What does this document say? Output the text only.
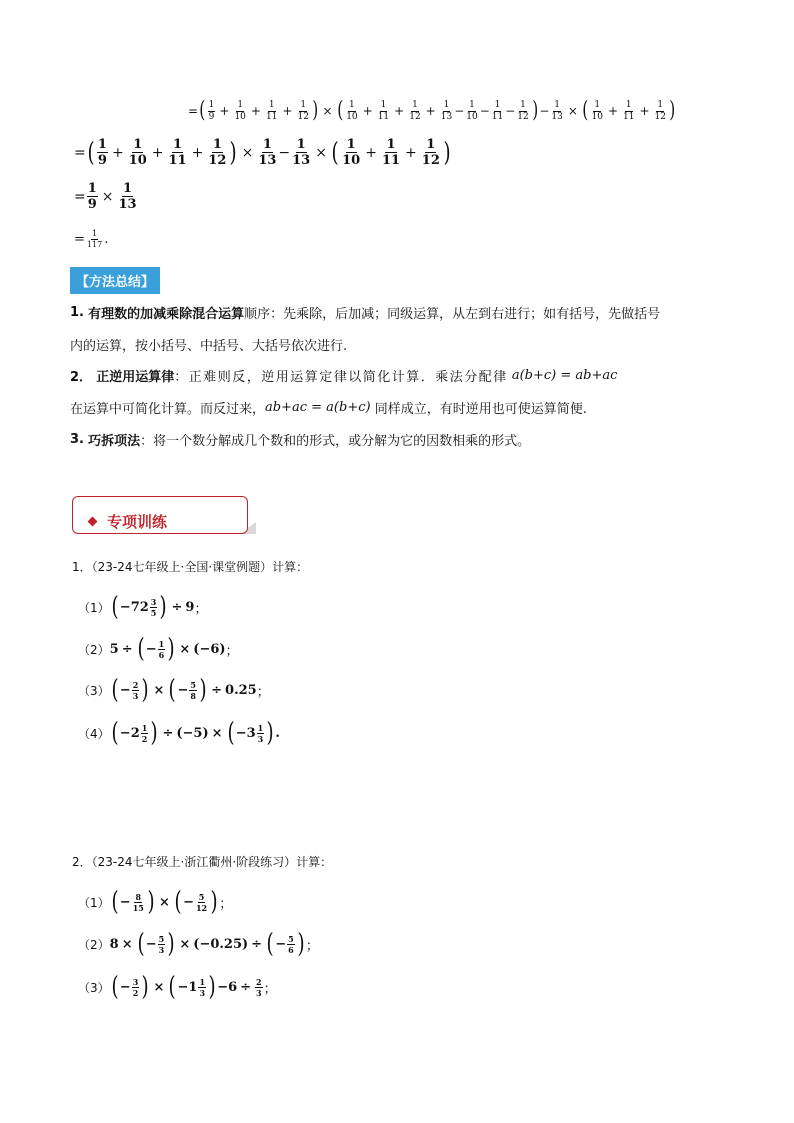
= ( $\frac{1}{9} + \frac{1}{10} + \frac{1}{11} + \frac{1}{12}$ ) × ( $\frac{1}{10} + \frac{1}{11} + \frac{1}{12} + \frac{1}{13} - \frac{1}{10} - \frac{1}{11} - \frac{1}{12}$ ) − $\frac{1}{13}$ × ( $\frac{1}{10} + \frac{1}{11} + \frac{1}{12}$ )
= ( $\frac{1}{9} + \frac{1}{10} + \frac{1}{11} + \frac{1}{12}$ ) × $\frac{1}{13} - \frac{1}{13}$ × ( $\frac{1}{10} + \frac{1}{11} + \frac{1}{12}$ )
= $\frac{1}{9} \times \frac{1}{13}$
= $\frac{1}{117}$ .
【方法总结】
1.
有理数的加减乘除混合运算 顺序：先乘除，后加减；同级运算，从左到右进行；如有括号，先做括号
内的运算，按小括号、中括号、大括号依次进行.
2．
正逆用运算律 ：正难则反，逆用运算定律以简化计算．乘法分配律
a(b+c) = ab+ac
在运算中可简化计算。而反过来， ab+ac = a(b+c)
同样成立，有时逆用也可使运算简便.
3.
巧拆项法 ：将一个数分解成几个数和的形式，或分解为它的因数相乘的形式。
专项训练
1．（23-24七年级上·全国·课堂例题）计算：
（1） ( $-72 \frac{3}{5}$ ) ÷ 9 ；
（2） 5 ÷ ( − $\frac{1}{6}$ ) × (−6) ；
（3） ( − $\frac{2}{3}$ ) × ( − $\frac{5}{8}$ ) ÷ 0.25 ；
（4） ( $-2 \frac{1}{2}$ ) ÷ (−5) × ( $-3 \frac{1}{3}$ ) .
2．（23-24七年级上·浙江衢州·阶段练习）计算：
（1） ( − $\frac{8}{15}$ ) × ( − $\frac{5}{12}$ ) ；
（2） 8 × ( − $\frac{5}{3}$ ) × (−0.25) ÷ ( − $\frac{5}{6}$ ) ；
（3） ( − $\frac{3}{2}$ ) × ( $-1 \frac{1}{3}$ ) $-6 \div \frac{2}{3}$ ；
